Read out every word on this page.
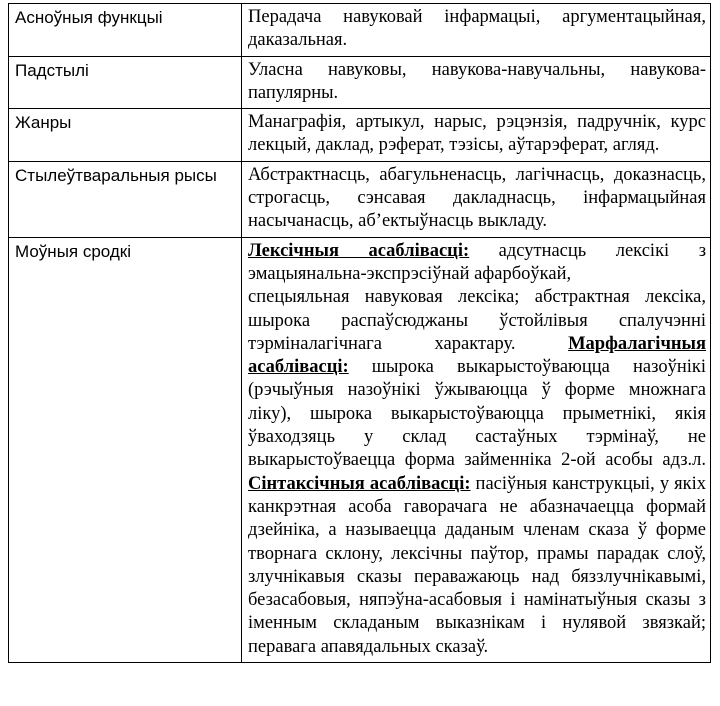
Асноўныя функцыі	Перадача навуковай інфармацыі, аргументацыйная, даказальная.
Падстылі	Уласна навуковы, навукова-навучальны, навукова-папулярны.
Жанры	Манаграфія, артыкул, нарыс, рэцэнзія, падручнік, курс лекцый, даклад, рэферат, тэзісы, аўтарэферат, агляд.
Стылеўтваральныя рысы	Абстрактнасць, абагульненасць, лагічнасць, доказнасць, строгасць, сэнсавая дакладнасць, інфармацыйная насычанасць, аб’ектыўнасць выкладу.
Моўныя сродкі	Лексічныя асаблівасці: адсутнасць лексікі з эмацыянальна-экспрэсіўнай афарбоўкай,
спецыяльная навуковая лексіка; абстрактная лексіка, шырока распаўсюджаны ўстойлівыя спалучэнні тэрміналагічнага характару. Марфалагічныя асаблівасці: шырока выкарыстоўваюцца назоўнікі (рэчыўныя назоўнікі ўжываюцца ў форме множнага ліку), шырока выкарыстоўваюцца прыметнікі, якія ўваходзяць у склад састаўных тэрмінаў, не выкарыстоўваецца форма займенніка 2-ой асобы адз.л. Сінтаксічныя асаблівасці: пасіўныя канструкцыі, у якіх канкрэтная асоба гаворачага не абазначаецца формай дзейніка, а называецца даданым членам сказа ў форме творнага склону, лексічны паўтор, прамы парадак слоў, злучнікавыя сказы пераважаюць над бяззлучнікавымі, безасабовыя, няпэўна-асабовыя і намінатыўныя сказы з іменным складаным выказнікам і нулявой звязкай; перавага апавядальных сказаў.
